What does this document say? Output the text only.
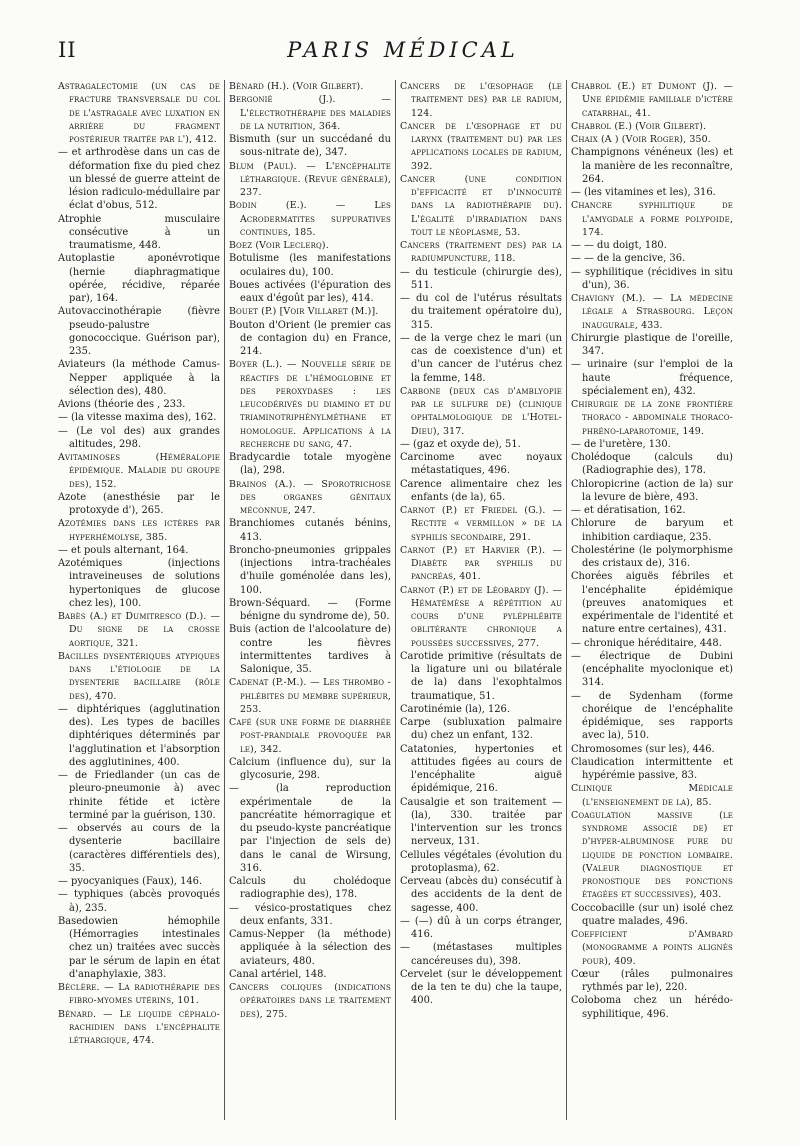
II	PARIS MÉDICAL
Astragalectomie (un cas de fracture transversale du col de l'astragale avec luxation en arrière du fragment postérieur traitée par l'), 412.
— et arthrodèse dans un cas de déformation fixe du pied chez un blessé de guerre atteint de lésion radiculo-médullaire par éclat d'obus, 512.
Atrophie musculaire consécutive à un traumatisme, 448.
Autoplastie aponévrotique (hernie diaphragmatique opérée, récidive, réparée par), 164.
Autovaccinothérapie (fièvre pseudo-palustre gonococcique. Guérison par), 235.
Aviateurs (la méthode Camus-Nepper appliquée à la sélection des), 480.
Avions (théorie des , 233.
— (la vitesse maxima des), 162.
— (Le vol des) aux grandes altitudes, 298.
Avitaminoses (Héméralopie épidémique. Maladie du groupe des), 152.
Azote (anesthésie par le protoxyde d'), 265.
Azotémies dans les ictères par hyperhémolyse, 385.
— et pouls alternant, 164.
Azotémiques (injections intraveineuses de solutions hypertoniques de glucose chez les), 100.
Babès (A.) et Dumitresco (D.). — Du signe de la crosse aortique, 321.
Bacilles dysentériques atypiques dans l'étiologie de la dysenterie bacillaire (rôle des), 470.
— diphtériques (agglutination des). Les types de bacilles diphtériques déterminés par l'agglutination et l'absorption des agglutinines, 400.
— de Friedlander (un cas de pleuro-pneumonie à) avec rhinite fétide et ictère terminé par la guérison, 130.
— observés au cours de la dysenterie bacillaire (caractères différentiels des), 35.
— pyocyaniques (Faux), 146.
— typhiques (abcès provoqués à), 235.
Basedowien hémophile (Hémorragies intestinales chez un) traitées avec succès par le sérum de lapin en état d'anaphylaxie, 383.
Béclère. — La radiothérapie des fibro-myomes utérins, 101.
Bénard. — Le liquide céphalo-rachidien dans l'encéphalite léthargique, 474.
Bénard (H.). (Voir Gilbert).
Bergonié (J.). — L'électrothérapie des maladies de la nutrition, 364.
Bismuth (sur un succédané du sous-nitrate de), 347.
Blum (Paul). — L'encéphalite léthargique. (Revue générale), 237.
Bodin (E.). — Les Acrodermatites suppuratives continues, 185.
Boez (Voir Leclerq).
Botulisme (les manifestations oculaires du), 100.
Boues activées (l'épuration des eaux d'égoût par les), 414.
Bouet (P.) [Voir Villaret (M.)].
Bouton d'Orient (le premier cas de contagion du) en France, 214.
Boyer (L.). — Nouvelle série de réactifs de l'hémoglobine et des peroxydases : les leucodérivés du diamino et du triaminotriphénylméthane et homologue. Applications à la recherche du sang, 47.
Bradycardie totale myogène (la), 298.
Brainos (A.). — Sporotrichose des organes génitaux méconnue, 247.
Branchiomes cutanés bénins, 413.
Broncho-pneumonies grippales (injections intra-trachéales d'huile goménolée dans les), 100.
Brown-Séquard. — (Forme bénigne du syndrome de), 50.
Buis (action de l'alcoolature de) contre les fièvres intermittentes tardives à Salonique, 35.
Cadenat (P.-M.). — Les thrombo - phlébites du membre supérieur, 253.
Café (sur une forme de diarrhée post-prandiale provoquée par le), 342.
Calcium (influence du), sur la glycosurie, 298.
— (la reproduction expérimentale de la pancréatite hémorragique et du pseudo-kyste pancréatique par l'injection de sels de) dans le canal de Wirsung, 316.
Calculs du cholédoque radiographie des), 178.
— vésico-prostatiques chez deux enfants, 331.
Camus-Nepper (la méthode) appliquée à la sélection des aviateurs, 480.
Canal artériel, 148.
Cancers coliques (indications opératoires dans le traitement des), 275.
Cancers de l'œsophage (le traitement des) par le radium, 124.
Cancer de l'œsophage et du larynx (traitement du) par les applications locales de radium, 392.
Cancer (une condition d'efficacité et d'innocuité dans la radiothérapie du). L'égalité d'irradiation dans tout le néoplasme, 53.
Cancers (traitement des) par la radiumpuncture, 118.
— du testicule (chirurgie des), 511.
— du col de l'utérus résultats du traitement opératoire du), 315.
— de la verge chez le mari (un cas de coexistence d'un) et d'un cancer de l'utérus chez la femme, 148.
Carbone (deux cas d'amblyopie par le sulfure de) (clinique ophtalmologique de l'Hotel-Dieu), 317.
— (gaz et oxyde de), 51.
Carcinome avec noyaux métastatiques, 496.
Carence alimentaire chez les enfants (de la), 65.
Carnot (P.) et Friedel (G.). — Rectite « vermillon » de la syphilis secondaire, 291.
Carnot (P.) et Harvier (P.). — Diabète par syphilis du pancréas, 401.
Carnot (P.) et de Léobardy (J). — Hématémèse a répétition au cours d'une pyléphlébite oblitérante chronique a poussées successives, 277.
Carotide primitive (résultats de la ligature uni ou bilatérale de la) dans l'exophtalmos traumatique, 51.
Carotinémie (la), 126.
Carpe (subluxation palmaire du) chez un enfant, 132.
Catatonies, hypertonies et attitudes figées au cours de l'encéphalite aiguë épidémique, 216.
Causalgie et son traitement — (la), 330. traitée par l'intervention sur les troncs nerveux, 131.
Cellules végétales (évolution du protoplasma), 62.
Cerveau (abcès du) consécutif à des accidents de la dent de sagesse, 400.
— (—) dû à un corps étranger, 416.
— (métastases multiples cancéreuses du), 398.
Cervelet (sur le développement de la ten te du) che la taupe, 400.
Chabrol (E.) et Dumont (J). — Une épidémie familiale d'ictère catarrhal, 41.
Chabrol (E.) (Voir Gilbert).
Chaix (A ) (Voir Roger), 350.
Champignons vénéneux (les) et la manière de les reconnaître, 264.
— (les vitamines et les), 316.
Chancre syphilitique de l'amygdale a forme polypoide, 174.
— — du doigt, 180.
— — de la gencive, 36.
— syphilitique (récidives in situ d'un), 36.
Chavigny (M.). — La médecine légale a Strasbourg. Leçon inaugurale, 433.
Chirurgie plastique de l'oreille, 347.
— urinaire (sur l'emploi de la haute fréquence, spécialement en), 432.
Chirurgie de la zone frontière thoraco - abdominale thoraco-phréno-laparotomie, 149.
— de l'uretère, 130.
Cholédoque (calculs du) (Radiographie des), 178.
Chloropicrine (action de la) sur la levure de bière, 493.
— et dératisation, 162.
Chlorure de baryum et inhibition cardiaque, 235.
Cholestérine (le polymorphisme des cristaux de), 316.
Chorées aiguës fébriles et l'encéphalite épidémique (preuves anatomiques et expérimentale de l'identité et nature entre certaines), 431.
— chronique héréditaire, 448.
— électrique de Dubini (encéphalite myoclonique et) 314.
— de Sydenham (forme choréique de l'encéphalite épidémique, ses rapports avec la), 510.
Chromosomes (sur les), 446.
Claudication intermittente et hypérémie passive, 83.
Clinique Médicale (l'enseignement de la), 85.
Coagulation massive (le syndrome associé de) et d'hyper-albuminose pure du liquide de ponction lombaire. (Valeur diagnostique et pronostique des ponctions étagées et successives), 403.
Coccobacille (sur un) isolé chez quatre malades, 496.
Coefficient d'Ambard (monogramme a points alignés pour), 409.
Cœur (râles pulmonaires rythmés par le), 220.
Coloboma chez un hérédo-syphilitique, 496.
